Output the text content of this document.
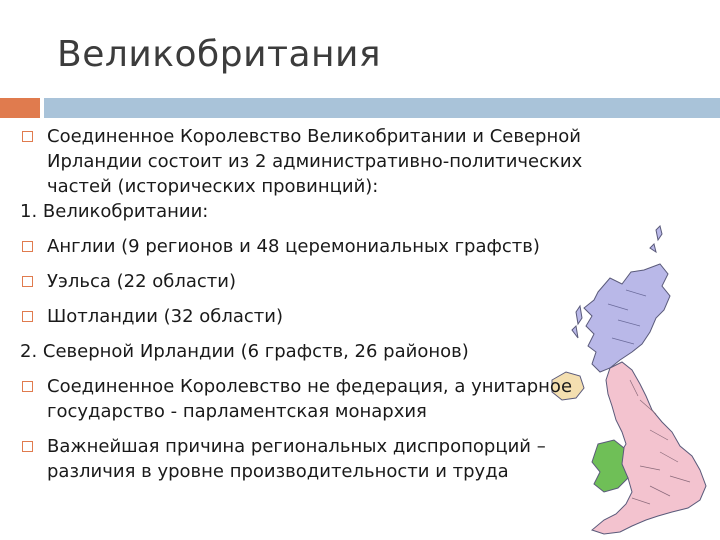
Великобритания
Соединенное Королевство Великобритании и Северной Ирландии состоит из 2 административно-политических частей (исторических провинций):
1. Великобритании:
Англии (9 регионов и 48 церемониальных графств)
Уэльса (22 области)
Шотландии (32 области)
2. Северной Ирландии (6 графств, 26 районов)
Соединенное Королевство не федерация, а унитарное государство - парламентская монархия
Важнейшая причина региональных диспропорций – различия в уровне производительности и труда
